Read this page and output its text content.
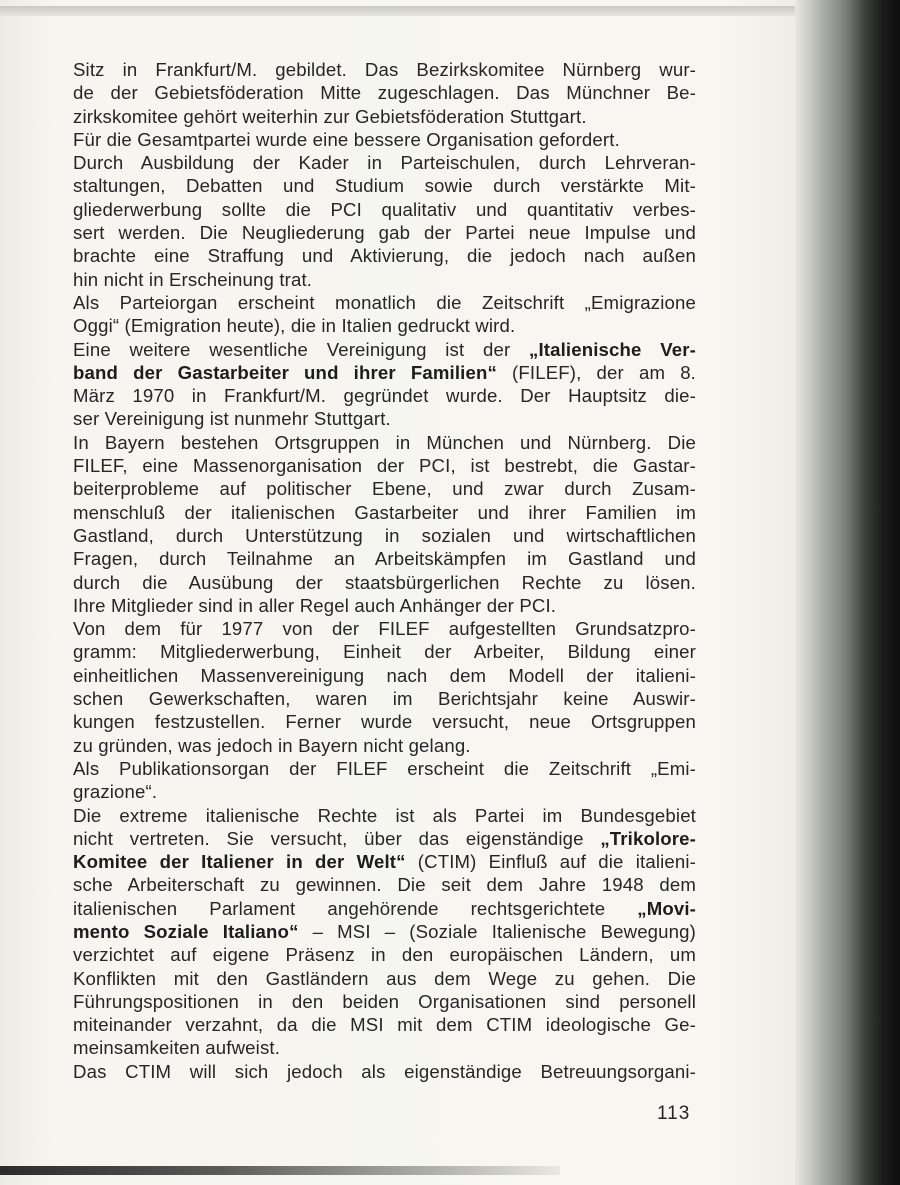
Sitz in Frankfurt/M. gebildet. Das Bezirkskomitee Nürnberg wur-
de der Gebietsföderation Mitte zugeschlagen. Das Münchner Be-
zirkskomitee gehört weiterhin zur Gebietsföderation Stuttgart.
Für die Gesamtpartei wurde eine bessere Organisation gefordert.
Durch Ausbildung der Kader in Parteischulen, durch Lehrveran-
staltungen, Debatten und Studium sowie durch verstärkte Mit-
gliederwerbung sollte die PCI qualitativ und quantitativ verbes-
sert werden. Die Neugliederung gab der Partei neue Impulse und
brachte eine Straffung und Aktivierung, die jedoch nach außen
hin nicht in Erscheinung trat.
Als Parteiorgan erscheint monatlich die Zeitschrift „Emigrazione
Oggi“ (Emigration heute), die in Italien gedruckt wird.
Eine weitere wesentliche Vereinigung ist der „Italienische Ver-
band der Gastarbeiter und ihrer Familien“ (FILEF), der am 8.
März 1970 in Frankfurt/M. gegründet wurde. Der Hauptsitz die-
ser Vereinigung ist nunmehr Stuttgart.
In Bayern bestehen Ortsgruppen in München und Nürnberg. Die
FILEF, eine Massenorganisation der PCI, ist bestrebt, die Gastar-
beiterprobleme auf politischer Ebene, und zwar durch Zusam-
menschluß der italienischen Gastarbeiter und ihrer Familien im
Gastland, durch Unterstützung in sozialen und wirtschaftlichen
Fragen, durch Teilnahme an Arbeitskämpfen im Gastland und
durch die Ausübung der staatsbürgerlichen Rechte zu lösen.
Ihre Mitglieder sind in aller Regel auch Anhänger der PCI.
Von dem für 1977 von der FILEF aufgestellten Grundsatzpro-
gramm: Mitgliederwerbung, Einheit der Arbeiter, Bildung einer
einheitlichen Massenvereinigung nach dem Modell der italieni-
schen Gewerkschaften, waren im Berichtsjahr keine Auswir-
kungen festzustellen. Ferner wurde versucht, neue Ortsgruppen
zu gründen, was jedoch in Bayern nicht gelang.
Als Publikationsorgan der FILEF erscheint die Zeitschrift „Emi-
grazione“.
Die extreme italienische Rechte ist als Partei im Bundesgebiet
nicht vertreten. Sie versucht, über das eigenständige „Trikolore-
Komitee der Italiener in der Welt“ (CTIM) Einfluß auf die italieni-
sche Arbeiterschaft zu gewinnen. Die seit dem Jahre 1948 dem
italienischen Parlament angehörende rechtsgerichtete „Movi-
mento Soziale Italiano“ – MSI – (Soziale Italienische Bewegung)
verzichtet auf eigene Präsenz in den europäischen Ländern, um
Konflikten mit den Gastländern aus dem Wege zu gehen. Die
Führungspositionen in den beiden Organisationen sind personell
miteinander verzahnt, da die MSI mit dem CTIM ideologische Ge-
meinsamkeiten aufweist.
Das CTIM will sich jedoch als eigenständige Betreuungsorgani-
113
